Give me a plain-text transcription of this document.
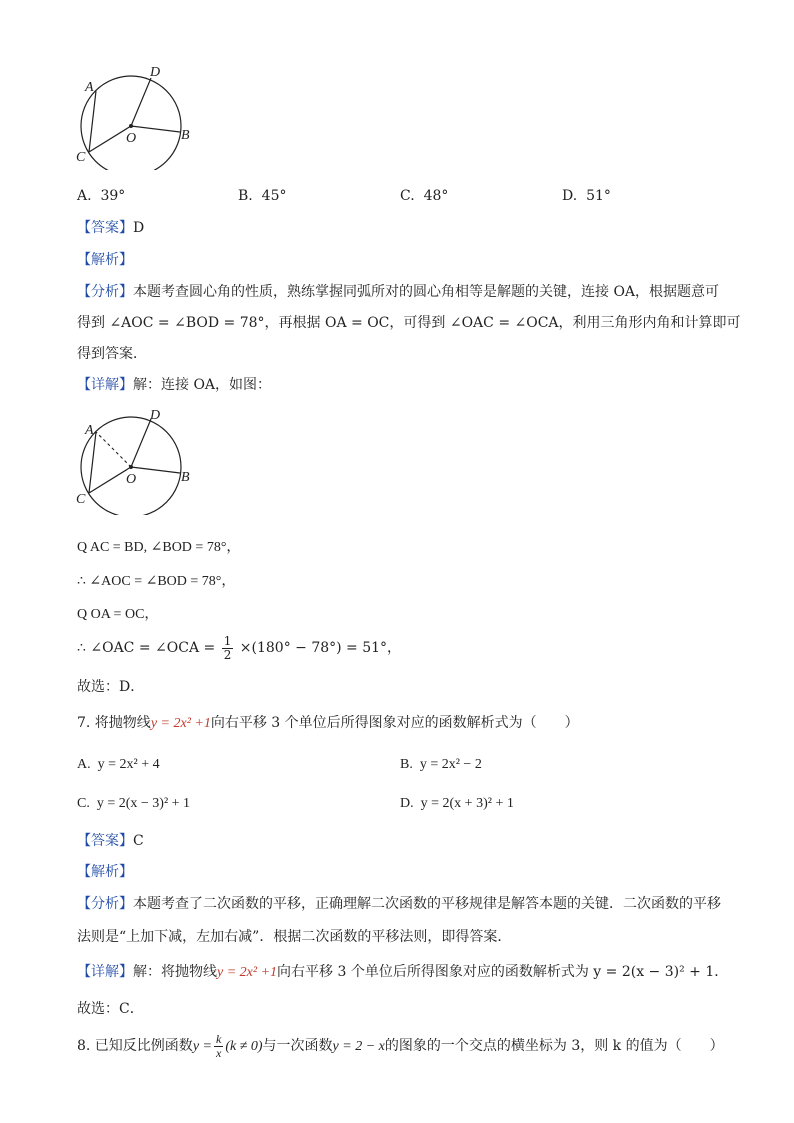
A
D
O	B
C
A. 39°	B. 45°	C. 48°	D. 51°
【答案】D
【解析】
【分析】本题考查圆心角的性质，熟练掌握同弧所对的圆心角相等是解题的关键，连接 OA，根据题意可
得到 ∠AOC = ∠BOD = 78°，再根据 OA = OC，可得到 ∠OAC = ∠OCA，利用三角形内角和计算即可
得到答案．
【详解】解：连接 OA，如图：
A
D
O	B
C
Q AC = BD, ∠BOD = 78°，
∴ ∠AOC = ∠BOD = 78°，
Q OA = OC，
∴ ∠OAC = ∠OCA = $\frac{1}{2} \times(180^\circ - 78^\circ) = 51^\circ$，
故选：D．
7. 将抛物线y = 2x² +1向右平移 3 个单位后所得图象对应的函数解析式为（　　）
A. y = 2x² + 4	B. y = 2x² − 2
C. y = 2(x − 3)² + 1	D. y = 2(x + 3)² + 1
【答案】C
【解析】
【分析】本题考查了二次函数的平移，正确理解二次函数的平移规律是解答本题的关键．二次函数的平移
法则是“上加下减，左加右减”．根据二次函数的平移法则，即得答案．
【详解】解：将抛物线y = 2x² +1向右平移 3 个单位后所得图象对应的函数解析式为 y = 2(x − 3)² + 1．
故选：C．
8. 已知反比例函数$y = \frac{k}{x} (k \ne 0)$与一次函数y = 2 − x的图象的一个交点的横坐标为 3，则 k 的值为（　　）
